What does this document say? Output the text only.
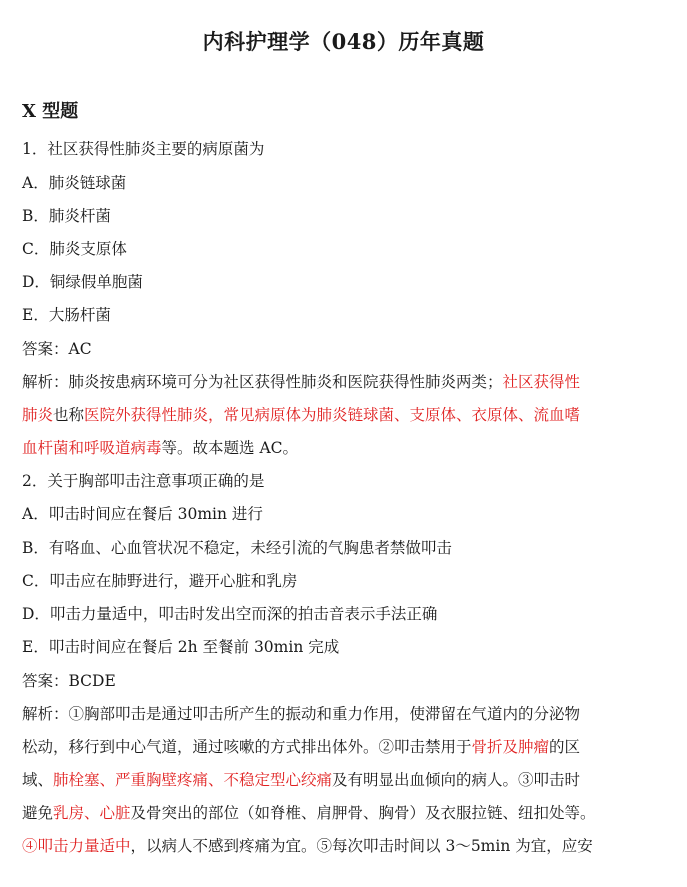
内科护理学（048）历年真题
X 型题
1．社区获得性肺炎主要的病原菌为
A．肺炎链球菌
B．肺炎杆菌
C．肺炎支原体
D．铜绿假单胞菌
E．大肠杆菌
答案：AC
解析：肺炎按患病环境可分为社区获得性肺炎和医院获得性肺炎两类；社区获得性
肺炎也称医院外获得性肺炎，常见病原体为肺炎链球菌、支原体、衣原体、流血嗜
血杆菌和呼吸道病毒等。故本题选 AC。
2．关于胸部叩击注意事项正确的是
A．叩击时间应在餐后 30min 进行
B．有咯血、心血管状况不稳定，未经引流的气胸患者禁做叩击
C．叩击应在肺野进行，避开心脏和乳房
D．叩击力量适中，叩击时发出空而深的拍击音表示手法正确
E．叩击时间应在餐后 2h 至餐前 30min 完成
答案：BCDE
解析：①胸部叩击是通过叩击所产生的振动和重力作用，使滞留在气道内的分泌物
松动，移行到中心气道，通过咳嗽的方式排出体外。②叩击禁用于骨折及肿瘤的区
域、肺栓塞、严重胸壁疼痛、不稳定型心绞痛及有明显出血倾向的病人。③叩击时
避免乳房、心脏及骨突出的部位（如脊椎、肩胛骨、胸骨）及衣服拉链、纽扣处等。
④叩击力量适中，以病人不感到疼痛为宜。⑤每次叩击时间以 3～5min 为宜，应安
